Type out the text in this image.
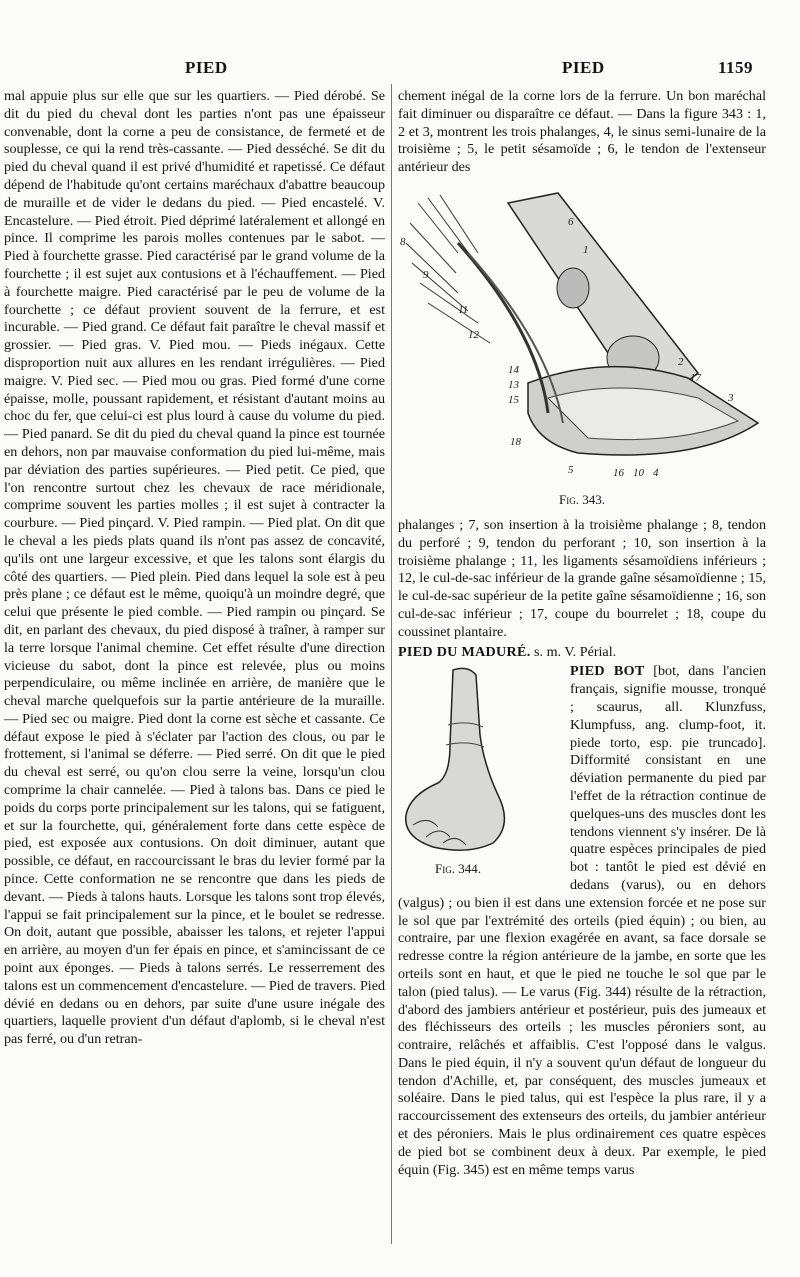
PIED	PIED	1159

mal appuie plus sur elle que sur les quartiers. — Pied dérobé. Se dit du pied du cheval dont les parties n'ont pas une épaisseur convenable, dont la corne a peu de consistance, de fermeté et de souplesse, ce qui la rend très-cassante. — Pied desséché. Se dit du pied du cheval quand il est privé d'humidité et rapetissé. Ce défaut dépend de l'habitude qu'ont certains maréchaux d'abattre beaucoup de muraille et de vider le dedans du pied. — Pied encastelé. V. Encastelure. — Pied étroit. Pied déprimé latéralement et allongé en pince. Il comprime les parois molles contenues par le sabot. — Pied à fourchette grasse. Pied caractérisé par le grand volume de la fourchette ; il est sujet aux contusions et à l'échauffement. — Pied à fourchette maigre. Pied caractérisé par le peu de volume de la fourchette ; ce défaut provient souvent de la ferrure, et est incurable. — Pied grand. Ce défaut fait paraître le cheval massif et grossier. — Pied gras. V. Pied mou. — Pieds inégaux. Cette disproportion nuit aux allures en les rendant irrégulières. — Pied maigre. V. Pied sec. — Pied mou ou gras. Pied formé d'une corne épaisse, molle, poussant rapidement, et résistant d'autant moins au choc du fer, que celui-ci est plus lourd à cause du volume du pied. — Pied panard. Se dit du pied du cheval quand la pince est tournée en dehors, non par mauvaise conformation du pied lui-même, mais par déviation des parties supérieures. — Pied petit. Ce pied, que l'on rencontre surtout chez les chevaux de race méridionale, comprime souvent les parties molles ; il est sujet à contracter la courbure. — Pied pinçard. V. Pied rampin. — Pied plat. On dit que le cheval a les pieds plats quand ils n'ont pas assez de concavité, qu'ils ont une largeur excessive, et que les talons sont élargis du côté des quartiers. — Pied plein. Pied dans lequel la sole est à peu près plane ; ce défaut est le même, quoiqu'à un moindre degré, que celui que présente le pied comble. — Pied rampin ou pinçard. Se dit, en parlant des chevaux, du pied disposé à traîner, à ramper sur la terre lorsque l'animal chemine. Cet effet résulte d'une direction vicieuse du sabot, dont la pince est relevée, plus ou moins perpendiculaire, ou même inclinée en arrière, de manière que le cheval marche quelquefois sur la partie antérieure de la muraille. — Pied sec ou maigre. Pied dont la corne est sèche et cassante. Ce défaut expose le pied à s'éclater par l'action des clous, ou par le frottement, si l'animal se déferre. — Pied serré. On dit que le pied du cheval est serré, ou qu'on clou serre la veine, lorsqu'un clou comprime la chair cannelée. — Pied à talons bas. Dans ce pied le poids du corps porte principalement sur les talons, qui se fatiguent, et sur la fourchette, qui, généralement forte dans cette espèce de pied, est exposée aux contusions. On doit diminuer, autant que possible, ce défaut, en raccourcissant le bras du levier formé par la pince. Cette conformation ne se rencontre que dans les pieds de devant. — Pieds à talons hauts. Lorsque les talons sont trop élevés, l'appui se fait principalement sur la pince, et le boulet se redresse. On doit, autant que possible, abaisser les talons, et rejeter l'appui en arrière, au moyen d'un fer épais en pince, et s'amincissant de ce point aux éponges. — Pieds à talons serrés. Le resserrement des talons est un commencement d'encastelure. — Pied de travers. Pied dévié en dedans ou en dehors, par suite d'une usure inégale des quartiers, laquelle provient d'un défaut d'aplomb, si le cheval n'est pas ferré, ou d'un retran-

chement inégal de la corne lors de la ferrure. Un bon maréchal fait diminuer ou disparaître ce défaut. — Dans la figure 343 : 1, 2 et 3, montrent les trois phalanges, 4, le sinus semi-lunaire de la troisième ; 5, le petit sésamoïde ; 6, le tendon de l'extenseur antérieur des

6
8
1
9
11
12
14
13
15
2
17
3
18
5	16 10 4
Fig. 343.

phalanges ; 7, son insertion à la troisième phalange ; 8, tendon du perforé ; 9, tendon du perforant ; 10, son insertion à la troisième phalange ; 11, les ligaments sésamoïdiens inférieurs ; 12, le cul-de-sac inférieur de la grande gaîne sésamoïdienne ; 15, le cul-de-sac supérieur de la petite gaîne sésamoïdienne ; 16, son cul-de-sac inférieur ; 17, coupe du bourrelet ; 18, coupe du coussinet plantaire.

PIED DU MADURÉ. s. m. V. Périal.

PIED BOT
Fig. 344.
[bot, dans l'ancien français, signifie mousse, tronqué ; scaurus, all. Klunzfuss, Klumpfuss, ang. clump-foot, it. piede torto, esp. pie truncado]. Difformité consistant en une déviation permanente du pied par l'effet de la rétraction continue de quelques-uns des muscles dont les tendons viennent s'y insérer. De là quatre espèces principales de pied bot : tantôt le pied est dévié en dedans (varus), ou en dehors (valgus) ; ou bien il est dans une extension forcée et ne pose sur le sol que par l'extrémité des orteils (pied équin) ; ou bien, au contraire, par une flexion exagérée en avant, sa face dorsale se redresse contre la région antérieure de la jambe, en sorte que les orteils sont en haut, et que le pied ne touche le sol que par le talon (pied talus). — Le varus (Fig. 344) résulte de la rétraction, d'abord des jambiers antérieur et postérieur, puis des jumeaux et des fléchisseurs des orteils ; les muscles péroniers sont, au contraire, relâchés et affaiblis. C'est l'opposé dans le valgus. Dans le pied équin, il n'y a souvent qu'un défaut de longueur du tendon d'Achille, et, par conséquent, des muscles jumeaux et soléaire. Dans le pied talus, qui est l'espèce la plus rare, il y a raccourcissement des extenseurs des orteils, du jambier antérieur et des péroniers. Mais le plus ordinairement ces quatre espèces de pied bot se combinent deux à deux. Par exemple, le pied équin (Fig. 345) est en même temps varus
